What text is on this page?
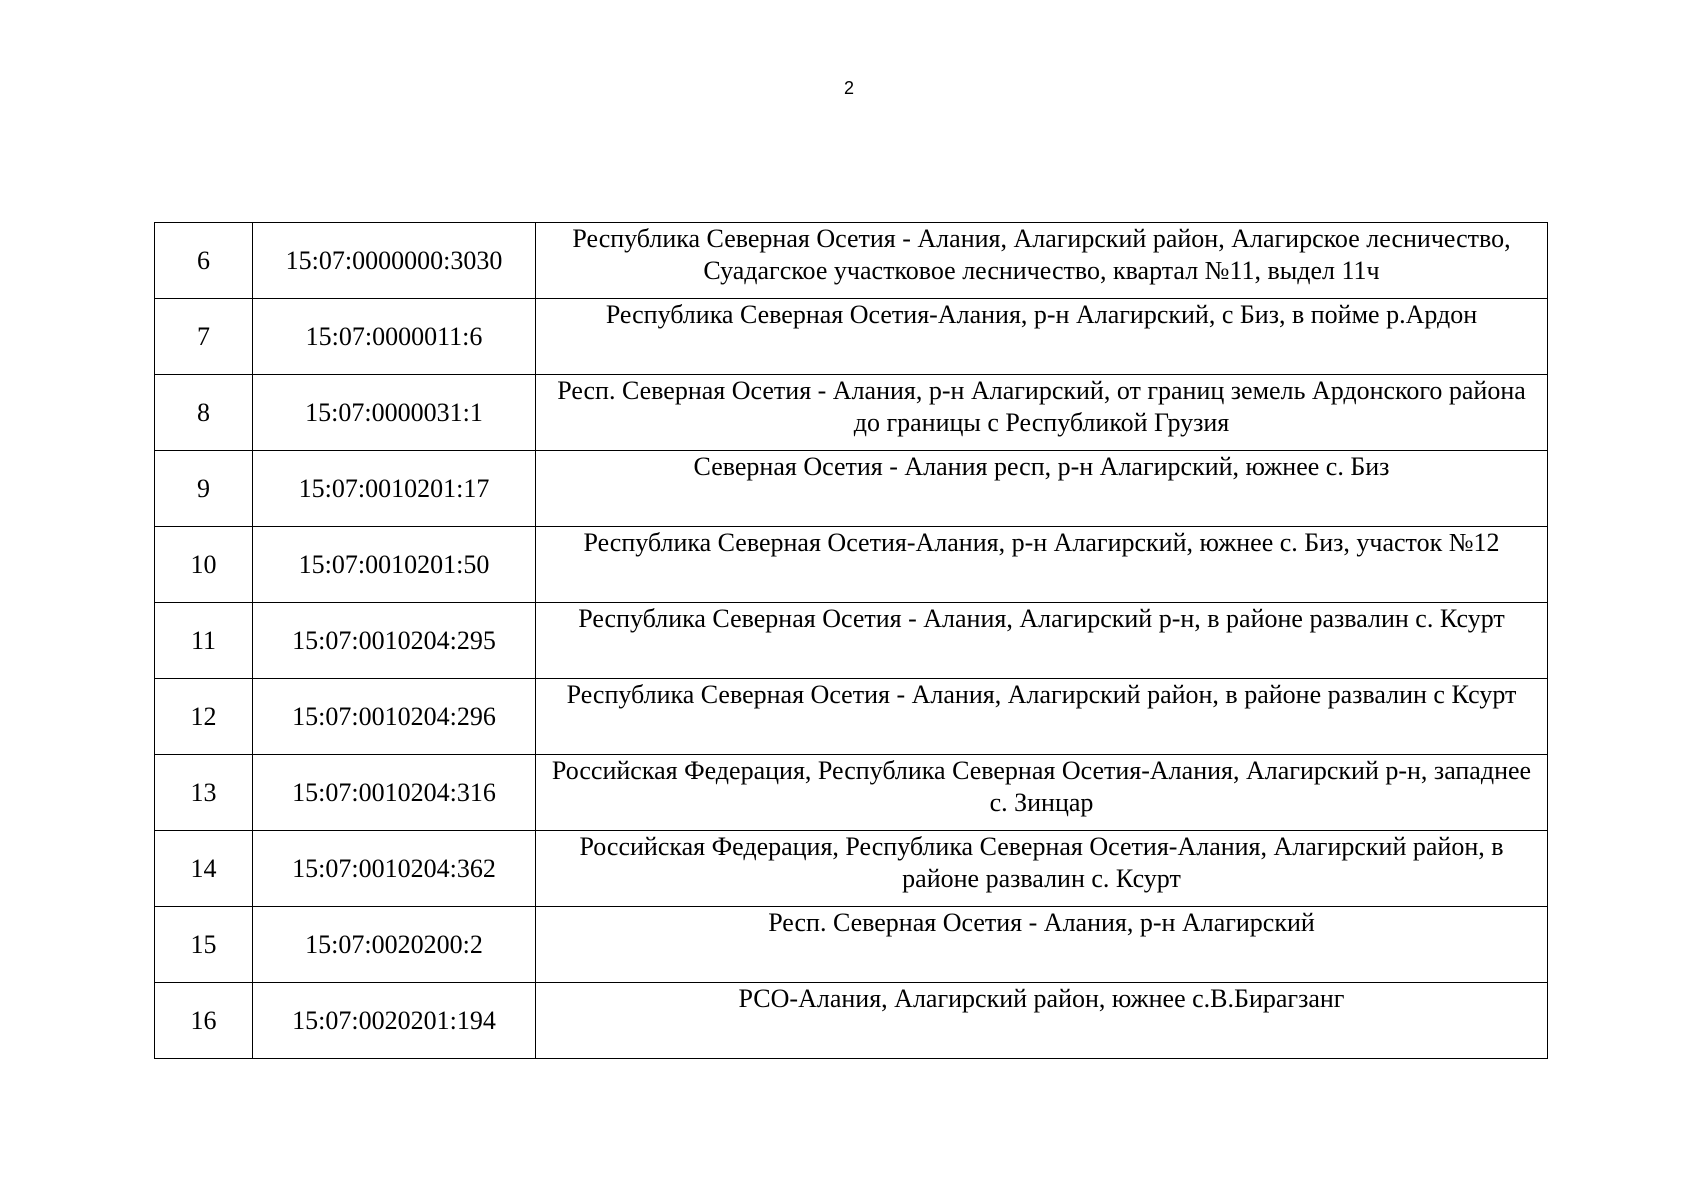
2
6	15:07:0000000:3030	Республика Северная Осетия - Алания, Алагирский район, Алагирское лесничество, Суадагское участковое лесничество, квартал №11, выдел 11ч
7	15:07:0000011:6	Республика Северная Осетия-Алания, р-н Алагирский, с Биз, в пойме р.Ардон
8	15:07:0000031:1	Респ. Северная Осетия - Алания, р-н Алагирский, от границ земель Ардонского района до границы с Республикой Грузия
9	15:07:0010201:17	Северная Осетия - Алания респ, р-н Алагирский, южнее с. Биз
10	15:07:0010201:50	Республика Северная Осетия-Алания, р-н Алагирский, южнее с. Биз, участок №12
11	15:07:0010204:295	Республика Северная Осетия - Алания, Алагирский р-н, в районе развалин с. Ксурт
12	15:07:0010204:296	Республика Северная Осетия - Алания, Алагирский район, в районе развалин с Ксурт
13	15:07:0010204:316	Российская Федерация, Республика Северная Осетия-Алания, Алагирский р-н, западнее с. Зинцар
14	15:07:0010204:362	Российская Федерация, Республика Северная Осетия-Алания, Алагирский район, в районе развалин с. Ксурт
15	15:07:0020200:2	Респ. Северная Осетия - Алания, р-н Алагирский
16	15:07:0020201:194	РСО-Алания, Алагирский район, южнее с.В.Бирагзанг
